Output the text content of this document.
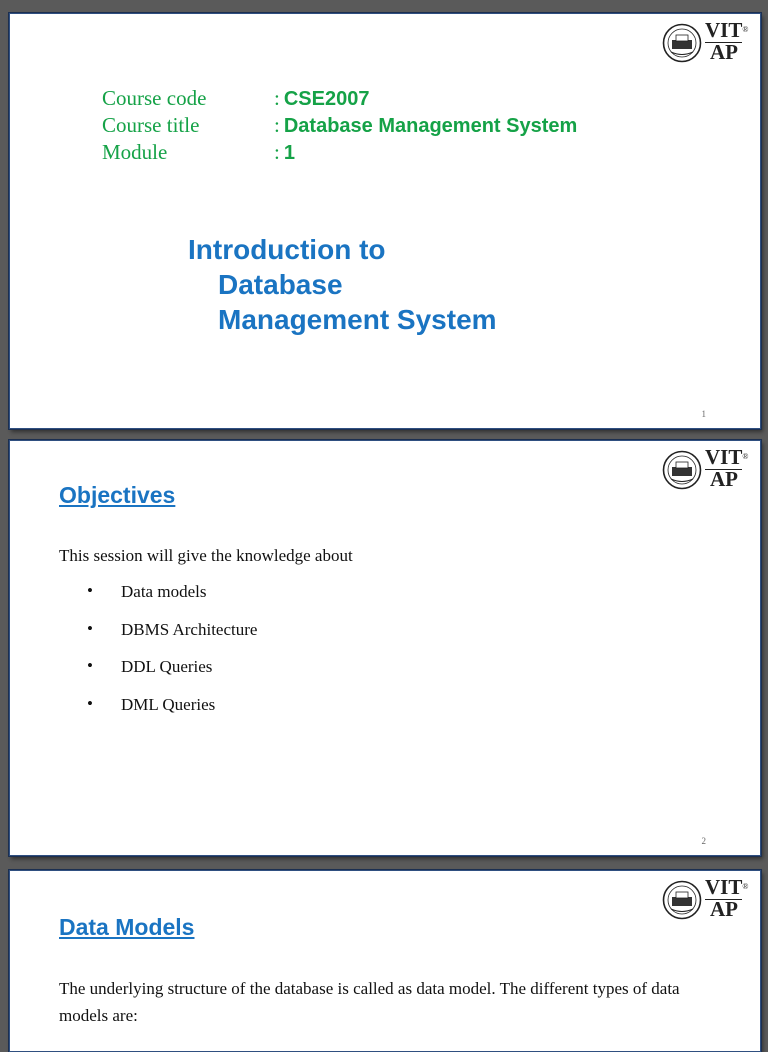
VIT®
AP
Course code	: CSE2007
Course title	: Database Management System
Module	: 1
Introduction to
Database
Management System
1
VIT®
AP
Objectives
This session will give the knowledge about
•	Data models
•	DBMS Architecture
•	DDL Queries
•	DML Queries
2
VIT®
AP
Data Models
The underlying structure of the database is called as data model. The different types of data models are:
